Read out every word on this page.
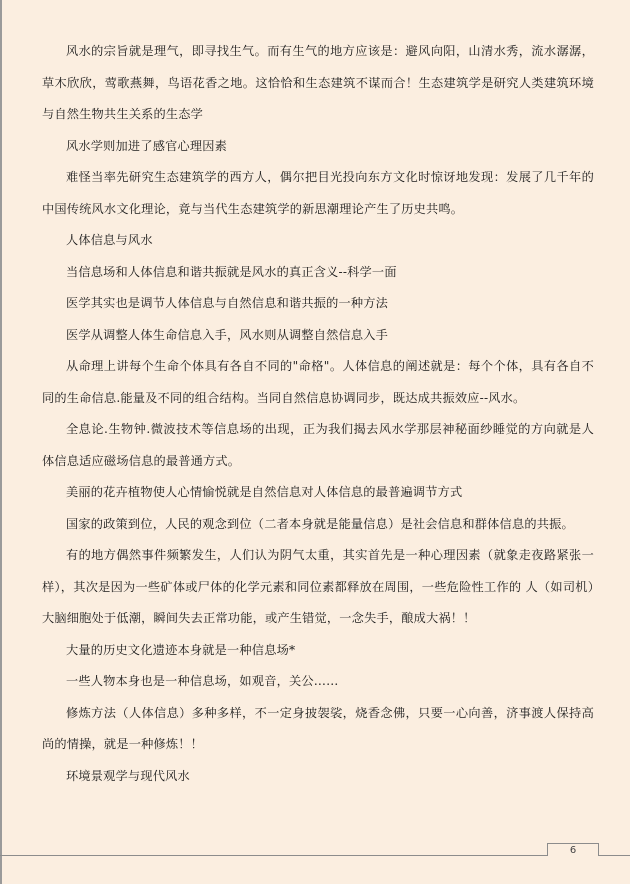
风水的宗旨就是理气，即寻找生气。而有生气的地方应该是：避风向阳，山清水秀，流水潺潺，草木欣欣，莺歌燕舞，鸟语花香之地。这恰恰和生态建筑不谋而合！生态建筑学是研究人类建筑环境与自然生物共生关系的生态学

风水学则加进了感官心理因素

难怪当率先研究生态建筑学的西方人，偶尔把目光投向东方文化时惊讶地发现：发展了几千年的中国传统风水文化理论，竟与当代生态建筑学的新思潮理论产生了历史共鸣。

人体信息与风水

当信息场和人体信息和谐共振就是风水的真正含义--科学一面

医学其实也是调节人体信息与自然信息和谐共振的一种方法

医学从调整人体生命信息入手，风水则从调整自然信息入手

从命理上讲每个生命个体具有各自不同的"命格"。人体信息的阐述就是：每个个体，具有各自不同的生命信息.能量及不同的组合结构。当同自然信息协调同步，既达成共振效应--风水。

全息论.生物钟.微波技术等信息场的出现，正为我们揭去风水学那层神秘面纱睡觉的方向就是人体信息适应磁场信息的最普通方式。

美丽的花卉植物使人心情愉悦就是自然信息对人体信息的最普遍调节方式

国家的政策到位，人民的观念到位（二者本身就是能量信息）是社会信息和群体信息的共振。

有的地方偶然事件频繁发生，人们认为阴气太重，其实首先是一种心理因素（就象走夜路紧张一样），其次是因为一些矿体或尸体的化学元素和同位素都释放在周围，一些危险性工作的 人（如司机）大脑细胞处于低潮，瞬间失去正常功能，或产生错觉，一念失手，酿成大祸！！

大量的历史文化遗迹本身就是一种信息场*

一些人物本身也是一种信息场，如观音，关公……

修炼方法（人体信息）多种多样，不一定身披袈裟，烧香念佛，只要一心向善，济事渡人保持高尚的情操，就是一种修炼！！

环境景观学与现代风水

6
